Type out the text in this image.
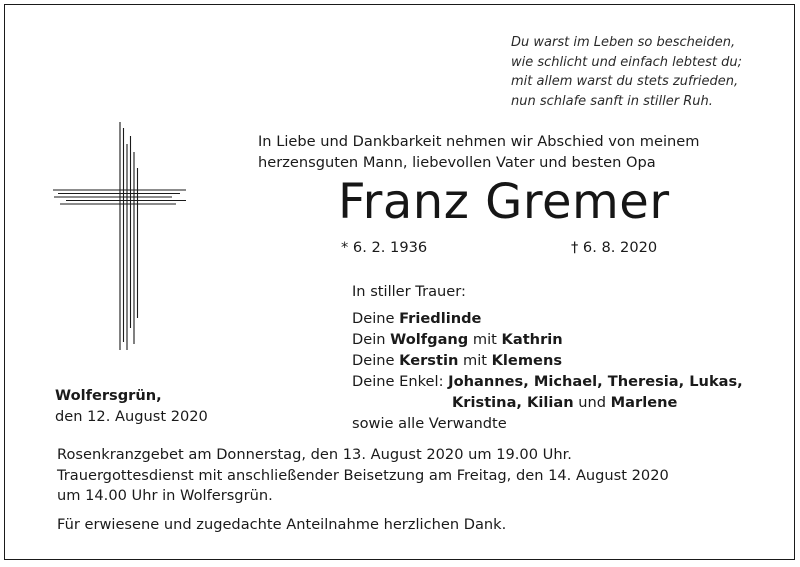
Du warst im Leben so bescheiden,
wie schlicht und einfach lebtest du;
mit allem warst du stets zufrieden,
nun schlafe sanft in stiller Ruh.
In Liebe und Dankbarkeit nehmen wir Abschied von meinem
herzensguten Mann, liebevollen Vater und besten Opa
Franz Gremer
* 6. 2. 1936	† 6. 8. 2020
In stiller Trauer:
Deine Friedlinde
Dein Wolfgang mit Kathrin
Deine Kerstin mit Klemens
Deine Enkel: Johannes, Michael, Theresia, Lukas,
Kristina, Kilian und Marlene
sowie alle Verwandte
Wolfersgrün,
den 12. August 2020
Rosenkranzgebet am Donnerstag, den 13. August 2020 um 19.00 Uhr.
Trauergottesdienst mit anschließender Beisetzung am Freitag, den 14. August 2020
um 14.00 Uhr in Wolfersgrün.
Für erwiesene und zugedachte Anteilnahme herzlichen Dank.
